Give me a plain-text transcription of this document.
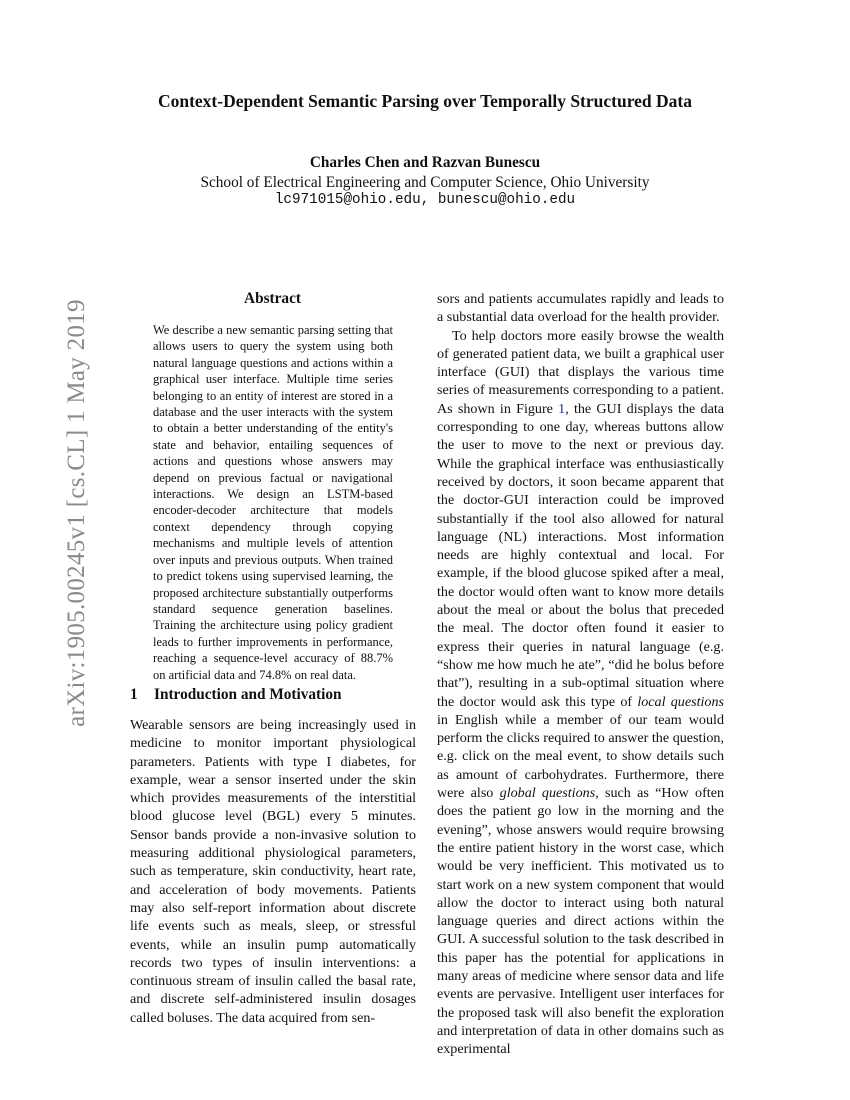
arXiv:1905.00245v1 [cs.CL] 1 May 2019
Context-Dependent Semantic Parsing over Temporally Structured Data
Charles Chen and Razvan Bunescu
School of Electrical Engineering and Computer Science, Ohio University
lc971015@ohio.edu, bunescu@ohio.edu
Abstract

We describe a new semantic parsing setting that allows users to query the system using both natural language questions and actions within a graphical user interface. Multiple time series belonging to an entity of interest are stored in a database and the user interacts with the system to obtain a better understanding of the entity's state and behavior, entailing sequences of actions and questions whose answers may depend on previous factual or navigational interactions. We design an LSTM-based encoder-decoder architecture that models context dependency through copying mechanisms and multiple levels of attention over inputs and previous outputs. When trained to predict tokens using supervised learning, the proposed architecture substantially outperforms standard sequence generation baselines. Training the architecture using policy gradient leads to further improvements in performance, reaching a sequence-level accuracy of 88.7% on artificial data and 74.8% on real data.

1 Introduction and Motivation

Wearable sensors are being increasingly used in medicine to monitor important physiological parameters. Patients with type I diabetes, for example, wear a sensor inserted under the skin which provides measurements of the interstitial blood glucose level (BGL) every 5 minutes. Sensor bands provide a non-invasive solution to measuring additional physiological parameters, such as temperature, skin conductivity, heart rate, and acceleration of body movements. Patients may also self-report information about discrete life events such as meals, sleep, or stressful events, while an insulin pump automatically records two types of insulin interventions: a continuous stream of insulin called the basal rate, and discrete self-administered insulin dosages called boluses. The data acquired from sen-

sors and patients accumulates rapidly and leads to a substantial data overload for the health provider.

To help doctors more easily browse the wealth of generated patient data, we built a graphical user interface (GUI) that displays the various time series of measurements corresponding to a patient. As shown in Figure 1, the GUI displays the data corresponding to one day, whereas buttons allow the user to move to the next or previous day. While the graphical interface was enthusiastically received by doctors, it soon became apparent that the doctor-GUI interaction could be improved substantially if the tool also allowed for natural language (NL) interactions. Most information needs are highly contextual and local. For example, if the blood glucose spiked after a meal, the doctor would often want to know more details about the meal or about the bolus that preceded the meal. The doctor often found it easier to express their queries in natural language (e.g. “show me how much he ate”, “did he bolus before that”), resulting in a sub-optimal situation where the doctor would ask this type of local questions in English while a member of our team would perform the clicks required to answer the question, e.g. click on the meal event, to show details such as amount of carbohydrates. Furthermore, there were also global questions, such as “How often does the patient go low in the morning and the evening”, whose answers would require browsing the entire patient history in the worst case, which would be very inefficient. This motivated us to start work on a new system component that would allow the doctor to interact using both natural language queries and direct actions within the GUI. A successful solution to the task described in this paper has the potential for applications in many areas of medicine where sensor data and life events are pervasive. Intelligent user interfaces for the proposed task will also benefit the exploration and interpretation of data in other domains such as experimental
